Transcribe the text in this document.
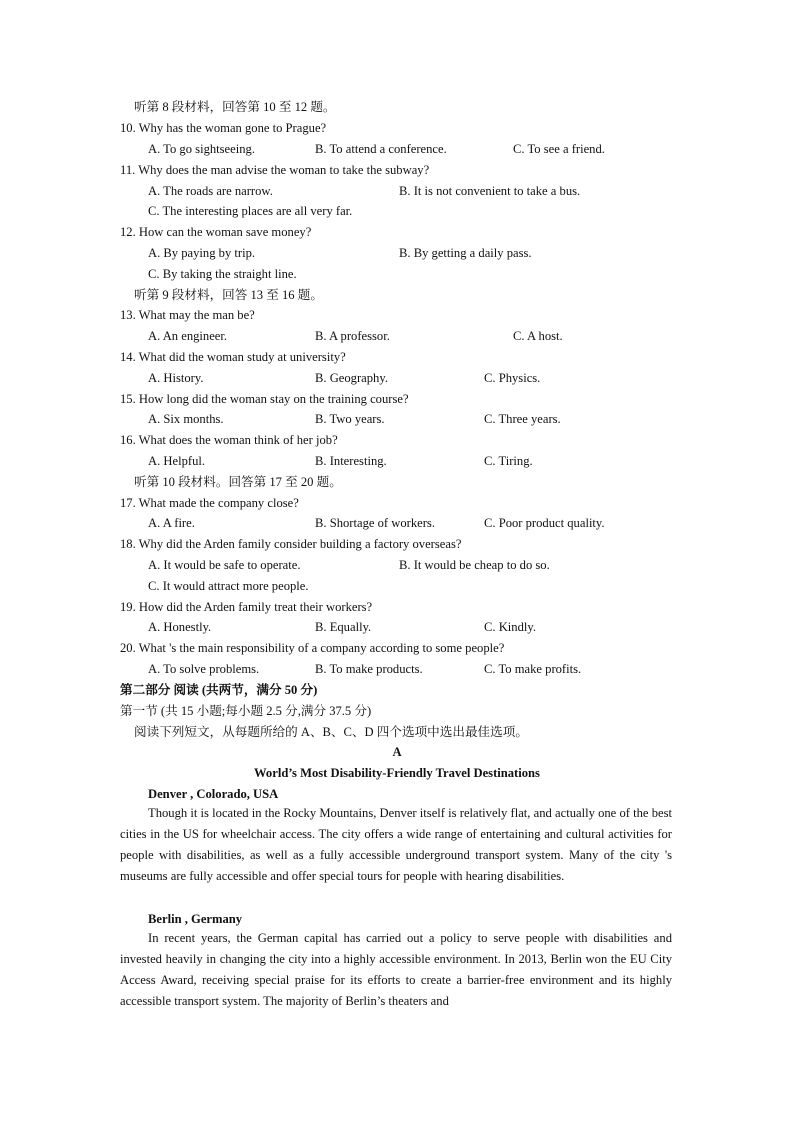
听第 8 段材料，回答第 10 至 12 题。
10. Why has the woman gone to Prague?
A. To go sightseeing.	B. To attend a conference.	C. To see a friend.
11. Why does the man advise the woman to take the subway?
A. The roads are narrow.	B. It is not convenient to take a bus.
C. The interesting places are all very far.
12. How can the woman save money?
A. By paying by trip.	B. By getting a daily pass.
C. By taking the straight line.
听第 9 段材料，回答 13 至 16 题。
13. What may the man be?
A. An engineer.	B. A professor.	C. A host.
14. What did the woman study at university?
A. History.	B. Geography.	C. Physics.
15. How long did the woman stay on the training course?
A. Six months.	B. Two years.	C. Three years.
16. What does the woman think of her job?
A. Helpful.	B. Interesting.	C. Tiring.
听第 10 段材料。回答第 17 至 20 题。
17. What made the company close?
A. A fire.	B. Shortage of workers.	C. Poor product quality.
18. Why did the Arden family consider building a factory overseas?
A. It would be safe to operate.	B. It would be cheap to do so.
C. It would attract more people.
19. How did the Arden family treat their workers?
A. Honestly.	B. Equally.	C. Kindly.
20. What 's the main responsibility of a company according to some people?
A. To solve problems.	B. To make products.	C. To make profits.
第二部分 阅读 (共两节，满分 50 分)
第一节 (共 15 小题;每小题 2.5 分,满分 37.5 分)
阅读下列短文，从每题所给的 A、B、C、D 四个选项中选出最佳选项。
A
World’s Most Disability-Friendly Travel Destinations
Denver , Colorado, USA

Though it is located in the Rocky Mountains, Denver itself is relatively flat, and actually one of the best cities in the US for wheelchair access. The city offers a wide range of entertaining and cultural activities for people with disabilities, as well as a fully accessible underground transport system. Many of the city 's museums are fully accessible and offer special tours for people with hearing disabilities.

Berlin , Germany

In recent years, the German capital has carried out a policy to serve people with disabilities and invested heavily in changing the city into a highly accessible environment. In 2013, Berlin won the EU City Access Award, receiving special praise for its efforts to create a barrier-free environment and its highly accessible transport system. The majority of Berlin’s theaters and
